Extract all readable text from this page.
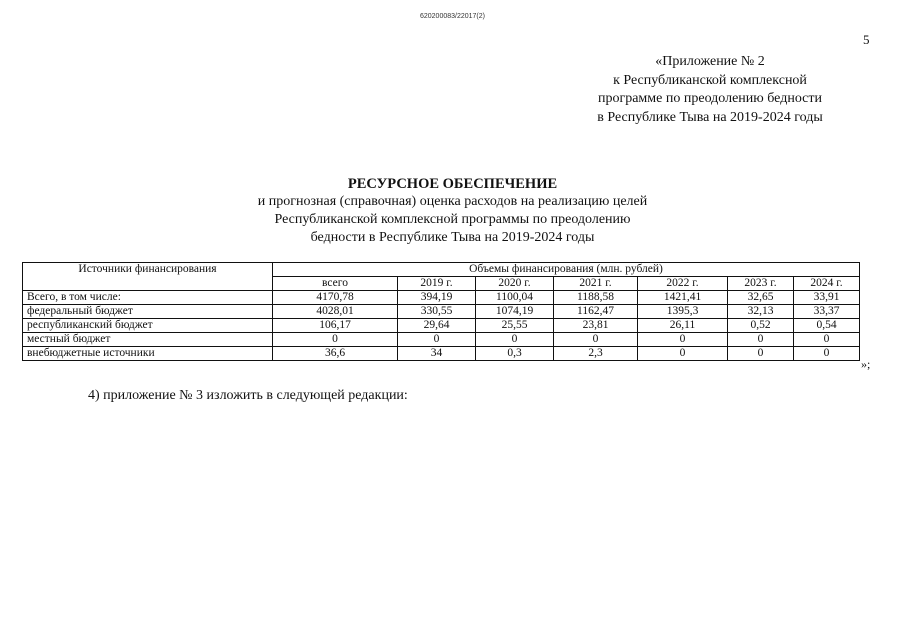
620200083/22017(2)
5
«Приложение № 2
к Республиканской комплексной
программе по преодолению бедности
в Республике Тыва на 2019-2024 годы
РЕСУРСНОЕ ОБЕСПЕЧЕНИЕ
и прогнозная (справочная) оценка расходов на реализацию целей
Республиканской комплексной программы по преодолению
бедности в Республике Тыва на 2019-2024 годы
Источники финансирования	Объемы финансирования (млн. рублей)						
	всего	2019 г.	2020 г.	2021 г.	2022 г.	2023 г.	2024 г.
Всего, в том числе:	4170,78	394,19	1100,04	1188,58	1421,41	32,65	33,91
федеральный бюджет	4028,01	330,55	1074,19	1162,47	1395,3	32,13	33,37
республиканский бюджет	106,17	29,64	25,55	23,81	26,11	0,52	0,54
местный бюджет	0	0	0	0	0	0	0
внебюджетные источники	36,6	34	0,3	2,3	0	0	0
»;
4) приложение № 3 изложить в следующей редакции:
